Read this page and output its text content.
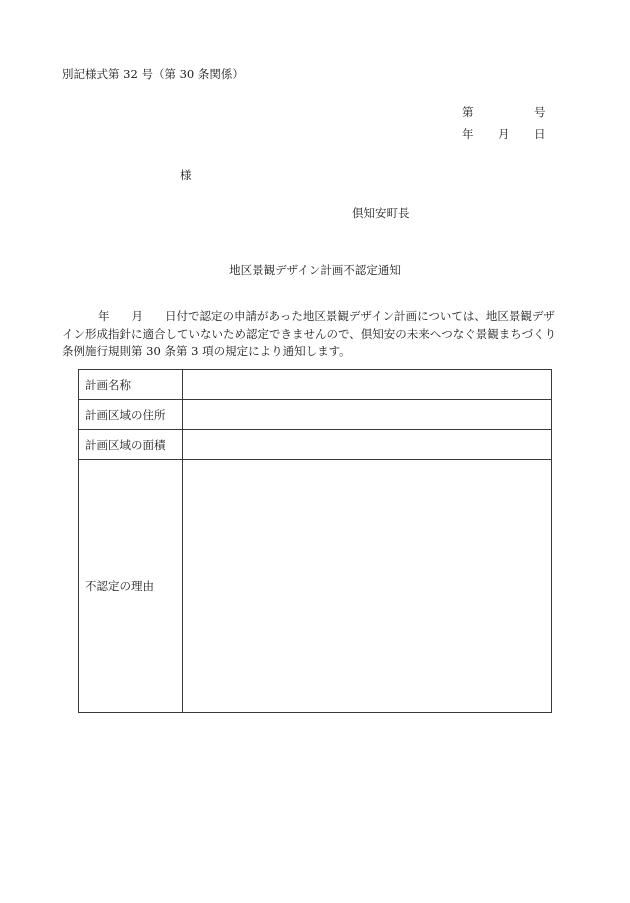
別記様式第 32 号（第 30 条関係）
第	号
年 月 日
様
倶知安町長
地区景観デザイン計画不認定通知
年 月 日付で認定の申請があった地区景観デザイン計画については、地区景観デザ
イン形成指針に適合していないため認定できませんので、倶知安の未来へつなぐ景観まちづくり
条例施行規則第 30 条第 3 項の規定により通知します。
計画名称	
計画区域の住所	
計画区域の面積	
不認定の理由	
